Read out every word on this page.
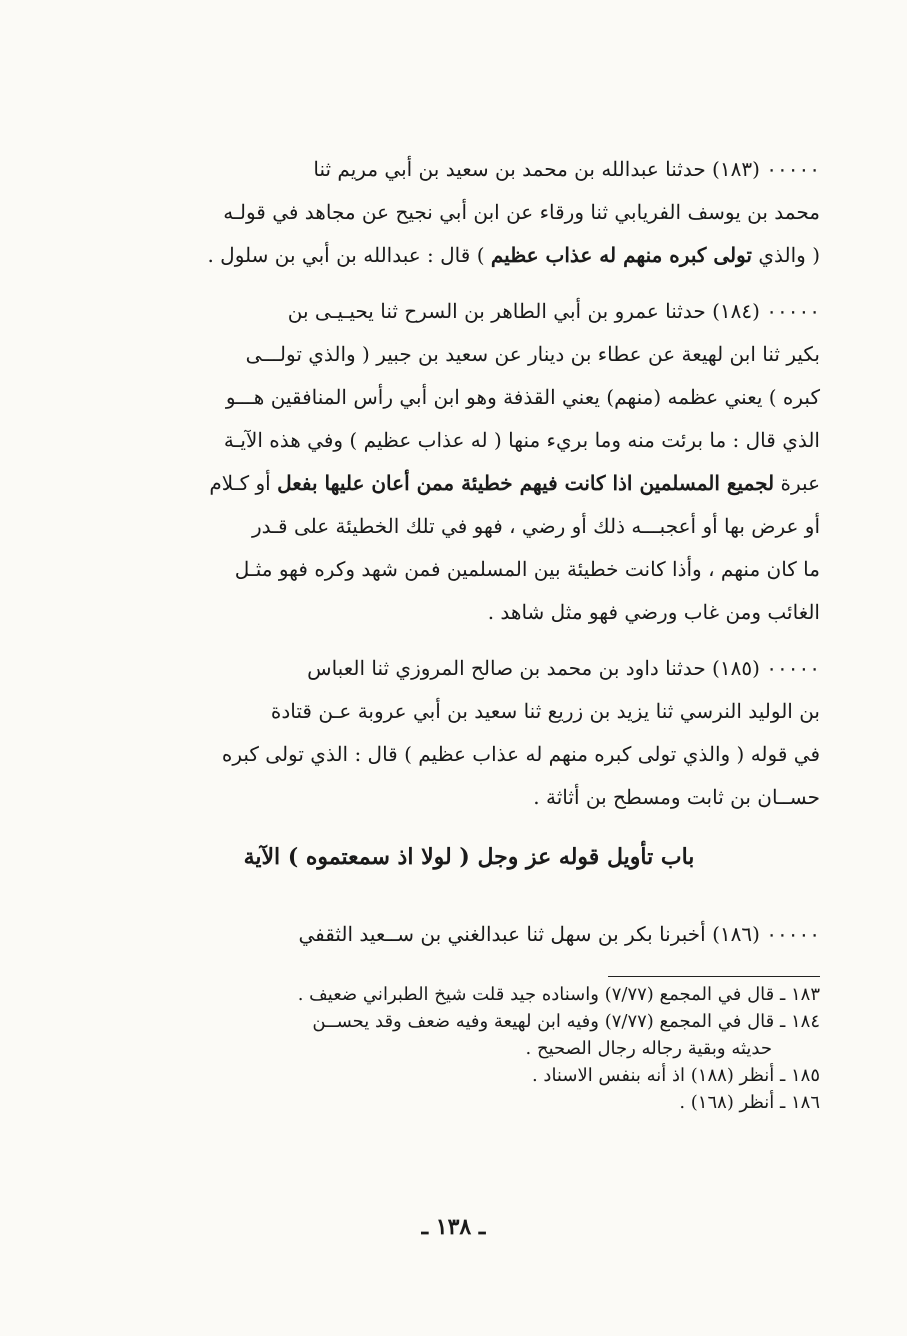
٠٠٠٠٠ (١٨٣) حدثنا عبدالله بن محمد بن سعيد بن أبي مريم ثنا

محمد بن يوسف الفريابي ثنا ورقاء عن ابن أبي نجيح عن مجاهد في قولـه

( والذي تولى كبره منهم له عذاب عظيم ) قال : عبدالله بن أبي بن سلول .

٠٠٠٠٠ (١٨٤) حدثنا عمرو بن أبي الطاهر بن السرح ثنا يحيـيـى بن

بكير ثنا ابن لهيعة عن عطاء بن دينار عن سعيد بن جبير ( والذي تولـــى

كبره ) يعني عظمه (منهم) يعني القذفة وهو ابن أبي رأس المنافقين هـــو

الذي قال : ما برئت منه وما بريء منها ( له عذاب عظيم ) وفي هذه الآيـة

عبرة لجميع المسلمين اذا كانت فيهم خطيئة ممن أعان عليها بفعل أو كـلام

أو عرض بها أو أعجبـــه ذلك أو رضي ، فهو في تلك الخطيئة على قـدر

ما كان منهم ، وأذا كانت خطيئة بين المسلمين فمن شهد وكره فهو مثـل

الغائب ومن غاب ورضي فهو مثل شاهد .

٠٠٠٠٠ (١٨٥) حدثنا داود بن محمد بن صالح المروزي ثنا العباس

بن الوليد النرسي ثنا يزيد بن زريع ثنا سعيد بن أبي عروبة عـن قتادة

في قوله ( والذي تولى كبره منهم له عذاب عظيم ) قال : الذي تولى كبره

حســان بن ثابت ومسطح بن أثاثة .

باب تأويل قوله عز وجل ( لولا اذ سمعتموه ) الآية

٠٠٠٠٠ (١٨٦) أخبرنا بكر بن سهل ثنا عبدالغني بن ســعيد الثقفي

١٨٣ ـ قال في المجمع (٧/٧٧) واسناده جيد قلت شيخ الطبراني ضعيف .

١٨٤ ـ قال في المجمع (٧/٧٧) وفيه ابن لهيعة وفيه ضعف وقد يحســن

حديثه وبقية رجاله رجال الصحيح .

١٨٥ ـ أنظر (١٨٨) اذ أنه بنفس الاسناد .

١٨٦ ـ أنظر (١٦٨) .

ـ ١٣٨ ـ
